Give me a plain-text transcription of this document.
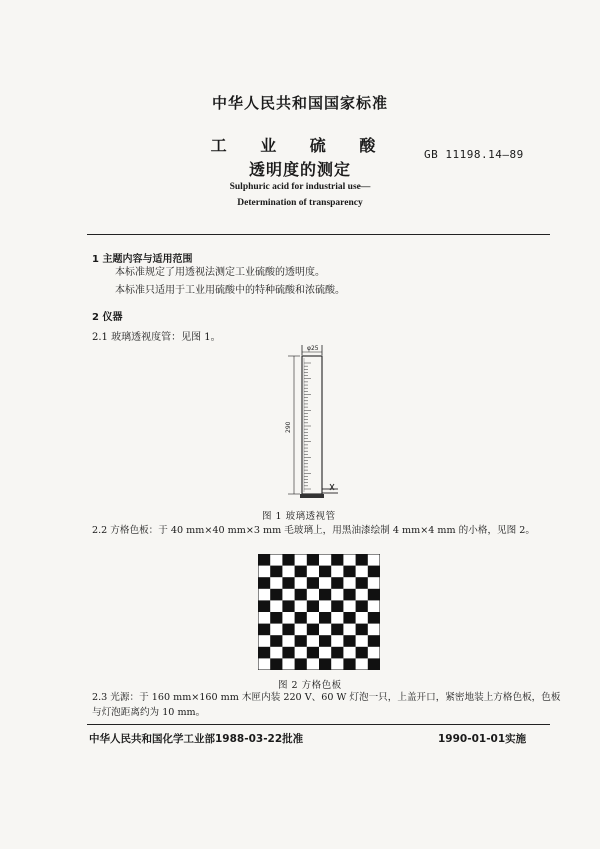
中华人民共和国国家标准
工 业 硫 酸
透明度的测定
GB 11198.14—89
Sulphuric acid for industrial use—
Determination of transparency
1 主题内容与适用范围
本标准规定了用透视法测定工业硫酸的透明度。
本标准只适用于工业用硫酸中的特种硫酸和浓硫酸。
2 仪器
2.1 玻璃透视度管：见图 1。
φ25
290
图 1 玻璃透视管
2.2 方格色板：于 40 mm×40 mm×3 mm 毛玻璃上，用黑油漆绘制 4 mm×4 mm 的小格，见图 2。
图 2 方格色板
2.3 光源：于 160 mm×160 mm 木匣内装 220 V、60 W 灯泡一只，上盖开口，紧密地装上方格色板，色板
与灯泡距离约为 10 mm。
中华人民共和国化学工业部1988-03-22批准	1990-01-01实施
